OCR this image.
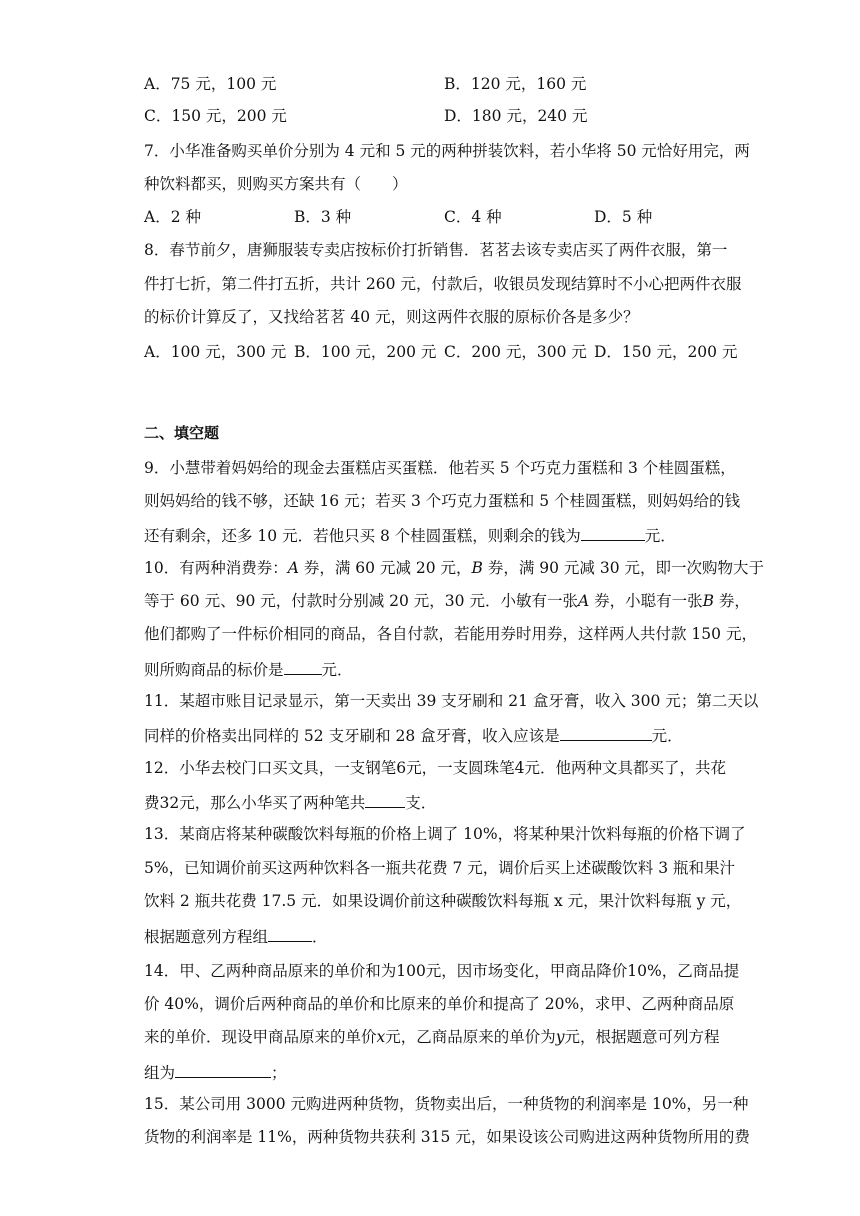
A．75 元，100 元	B．120 元，160 元
C．150 元，200 元	D．180 元，240 元
7．小华准备购买单价分别为 4 元和 5 元的两种拼装饮料，若小华将 50 元恰好用完，两
种饮料都买，则购买方案共有（　　）
A．2 种	B．3 种	C．4 种	D．5 种
8．春节前夕，唐狮服装专卖店按标价打折销售．茗茗去该专卖店买了两件衣服，第一
件打七折，第二件打五折，共计 260 元，付款后，收银员发现结算时不小心把两件衣服
的标价计算反了，又找给茗茗 40 元，则这两件衣服的原标价各是多少？
A．100 元，300 元 B．100 元，200 元 C．200 元，300 元 D．150 元，200 元
二、填空题
9．小慧带着妈妈给的现金去蛋糕店买蛋糕．他若买 5 个巧克力蛋糕和 3 个桂圆蛋糕，
则妈妈给的钱不够，还缺 16 元；若买 3 个巧克力蛋糕和 5 个桂圆蛋糕，则妈妈给的钱
还有剩余，还多 10 元．若他只买 8 个桂圆蛋糕，则剩余的钱为	元．
10．有两种消费券：A 券，满 60 元减 20 元，B 券，满 90 元减 30 元，即一次购物大于
等于 60 元、90 元，付款时分别减 20 元，30 元．小敏有一张A 券，小聪有一张B 券，
他们都购了一件标价相同的商品，各自付款，若能用券时用券，这样两人共付款 150 元，
则所购商品的标价是 元．
11．某超市账目记录显示，第一天卖出 39 支牙刷和 21 盒牙膏，收入 300 元；第二天以
同样的价格卖出同样的 52 支牙刷和 28 盒牙膏，收入应该是	元．
12．小华去校门口买文具，一支钢笔6元，一支圆珠笔4元．他两种文具都买了，共花
费32元，那么小华买了两种笔共	支．
13．某商店将某种碳酸饮料每瓶的价格上调了 10%，将某种果汁饮料每瓶的价格下调了
5%，已知调价前买这两种饮料各一瓶共花费 7 元，调价后买上述碳酸饮料 3 瓶和果汁
饮料 2 瓶共花费 17.5 元．如果设调价前这种碳酸饮料每瓶 x 元，果汁饮料每瓶 y 元，
根据题意列方程组	．
14．甲、乙两种商品原来的单价和为100元，因市场变化，甲商品降价10%，乙商品提
价 40%，调价后两种商品的单价和比原来的单价和提高了 20%，求甲、乙两种商品原
来的单价．现设甲商品原来的单价x元，乙商品原来的单价为y元，根据题意可列方程
组为	；
15．某公司用 3000 元购进两种货物，货物卖出后，一种货物的利润率是 10%，另一种
货物的利润率是 11%，两种货物共获利 315 元，如果设该公司购进这两种货物所用的费
